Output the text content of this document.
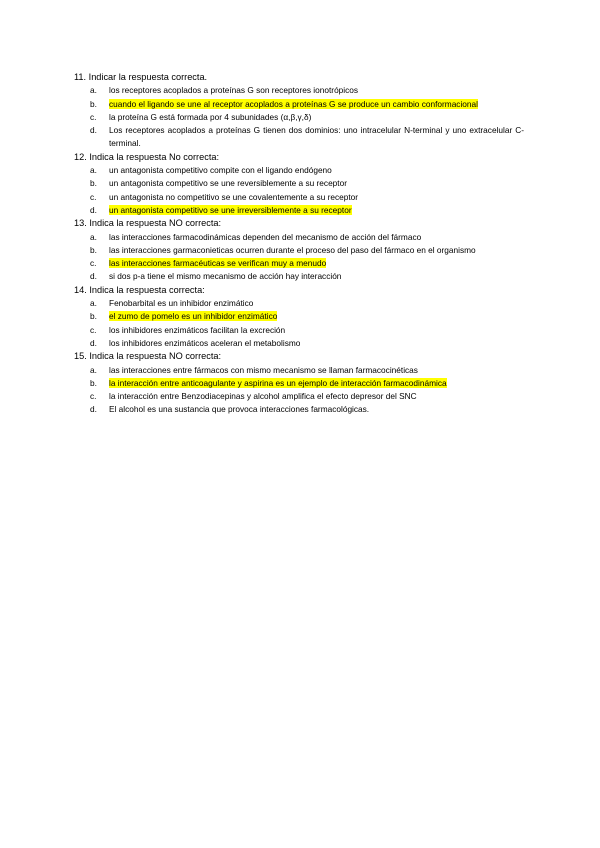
11. Indicar la respuesta correcta.

a. los receptores acoplados a proteínas G son receptores ionotrópicos
b. cuando el ligando se une al receptor acoplados a proteínas G se produce un cambio conformacional
c. la proteína G está formada por 4 subunidades (α,β,γ,δ)
d. Los receptores acoplados a proteínas G tienen dos dominios: uno intracelular N-terminal y uno extracelular C-terminal.

12. Indica la respuesta No correcta:

a. un antagonista competitivo compite con el ligando endógeno
b. un antagonista competitivo se une reversiblemente a su receptor
c. un antagonista no competitivo se une covalentemente a su receptor
d. un antagonista competitivo se une irreversiblemente a su receptor

13. Indica la respuesta NO correcta:

a. las interacciones farmacodinámicas dependen del mecanismo de acción del fármaco
b. las interacciones garmaconieticas ocurren durante el proceso del paso del fármaco en el organismo
c. las interacciones farmacéuticas se verifican muy a menudo
d. si dos p-a tiene el mismo mecanismo de acción hay interacción

14. Indica la respuesta correcta:

a. Fenobarbital es un inhibidor enzimático
b. el zumo de pomelo es un inhibidor enzimático
c. los inhibidores enzimáticos facilitan la excreción
d. los inhibidores enzimáticos aceleran el metabolismo

15. Indica la respuesta NO correcta:

a. las interacciones entre fármacos con mismo mecanismo se llaman farmacocinéticas
b. la interacción entre anticoagulante y aspirina es un ejemplo de interacción farmacodinámica
c. la interacción entre Benzodiacepinas y alcohol amplifica el efecto depresor del SNC
d. El alcohol es una sustancia que provoca interacciones farmacológicas.
